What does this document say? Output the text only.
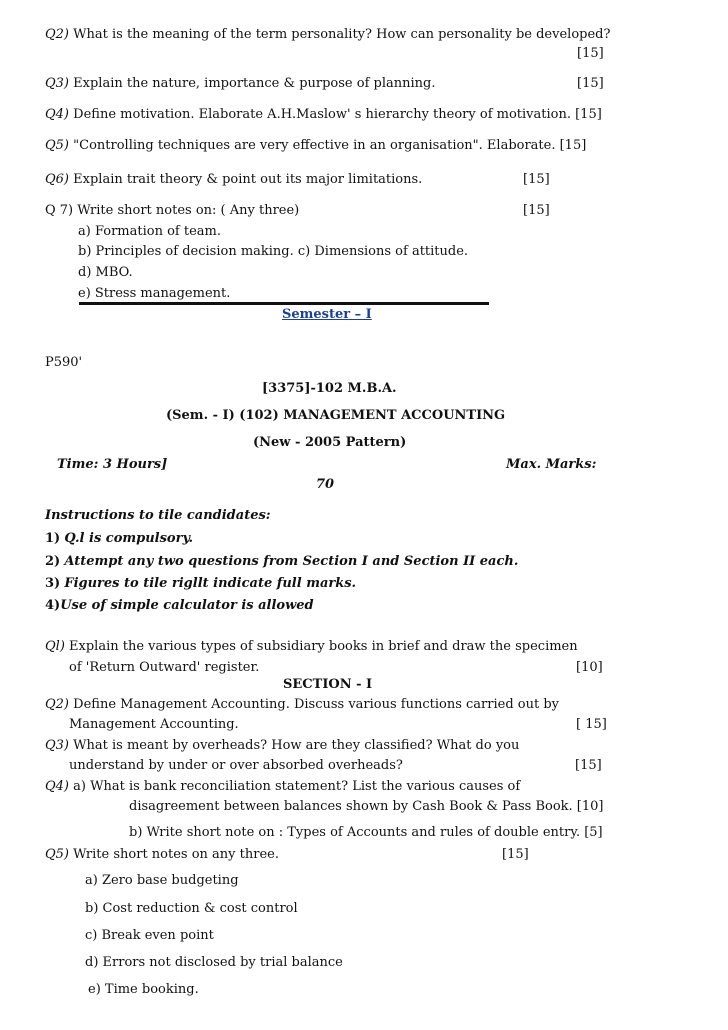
Q2) What is the meaning of the term personality? How can personality be developed?
[15]
Q3) Explain the nature, importance & purpose of planning.	[15]
Q4) Define motivation. Elaborate A.H.Maslow' s hierarchy theory of motivation. [15]
Q5) "Controlling techniques are very effective in an organisation". Elaborate. [15]
Q6) Explain trait theory & point out its major limitations.	[15]
Q 7) Write short notes on: ( Any three)	[15]
a) Formation of team.
b) Principles of decision making. c) Dimensions of attitude.
d) MBO.
e) Stress management.
Semester – I
P590'
[3375]-102 M.B.A.
(Sem. - I) (102) MANAGEMENT ACCOUNTING
(New - 2005 Pattern)
Time: 3 Hours]	Max. Marks:
70
Instructions to tile candidates:
1) Q.l is compulsory.
2) Attempt any two questions from Section I and Section II each.
3) Figures to tile rigllt indicate full marks.
4)Use of simple calculator is allowed
Ql) Explain the various types of subsidiary books in brief and draw the specimen
of 'Return Outward' register.	[10]
SECTION - I
Q2) Define Management Accounting. Discuss various functions carried out by
Management Accounting.	[ 15]
Q3) What is meant by overheads? How are they classified? What do you
understand by under or over absorbed overheads?	[15]
Q4) a) What is bank reconciliation statement? List the various causes of
disagreement between balances shown by Cash Book & Pass Book. [10]
b) Write short note on : Types of Accounts and rules of double entry. [5]
Q5) Write short notes on any three.	[15]
a) Zero base budgeting
b) Cost reduction & cost control
c) Break even point
d) Errors not disclosed by trial balance
e) Time booking.
